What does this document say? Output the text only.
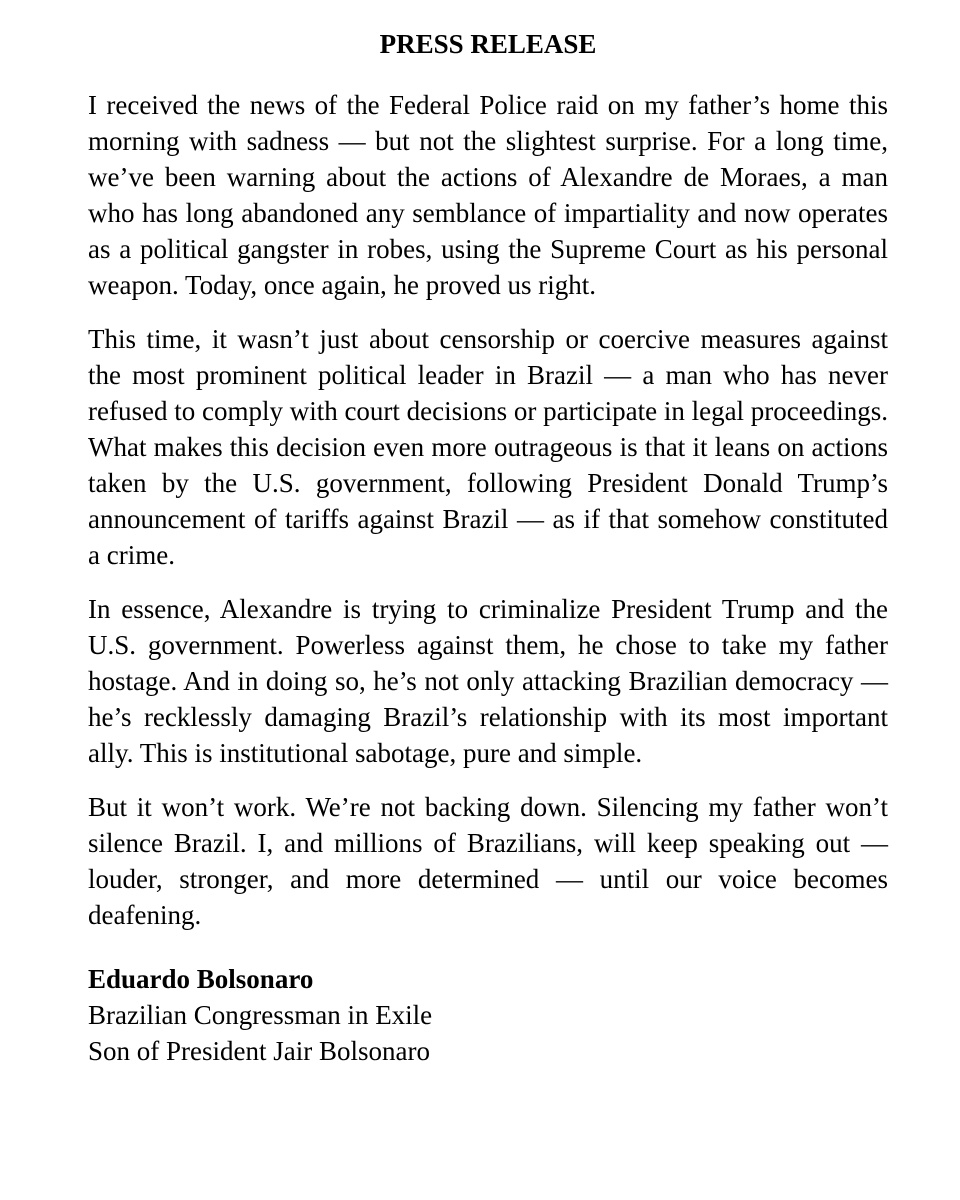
PRESS RELEASE

I received the news of the Federal Police raid on my father’s home this morning with sadness — but not the slightest surprise. For a long time, we’ve been warning about the actions of Alexandre de Moraes, a man who has long abandoned any semblance of impartiality and now operates as a political gangster in robes, using the Supreme Court as his personal weapon. Today, once again, he proved us right.

This time, it wasn’t just about censorship or coercive measures against the most prominent political leader in Brazil — a man who has never refused to comply with court decisions or participate in legal proceedings. What makes this decision even more outrageous is that it leans on actions taken by the U.S. government, following President Donald Trump’s announcement of tariffs against Brazil — as if that somehow constituted a crime.

In essence, Alexandre is trying to criminalize President Trump and the U.S. government. Powerless against them, he chose to take my father hostage. And in doing so, he’s not only attacking Brazilian democracy — he’s recklessly damaging Brazil’s relationship with its most important ally. This is institutional sabotage, pure and simple.

But it won’t work. We’re not backing down. Silencing my father won’t silence Brazil. I, and millions of Brazilians, will keep speaking out — louder, stronger, and more determined — until our voice becomes deafening.

Eduardo Bolsonaro
Brazilian Congressman in Exile
Son of President Jair Bolsonaro
